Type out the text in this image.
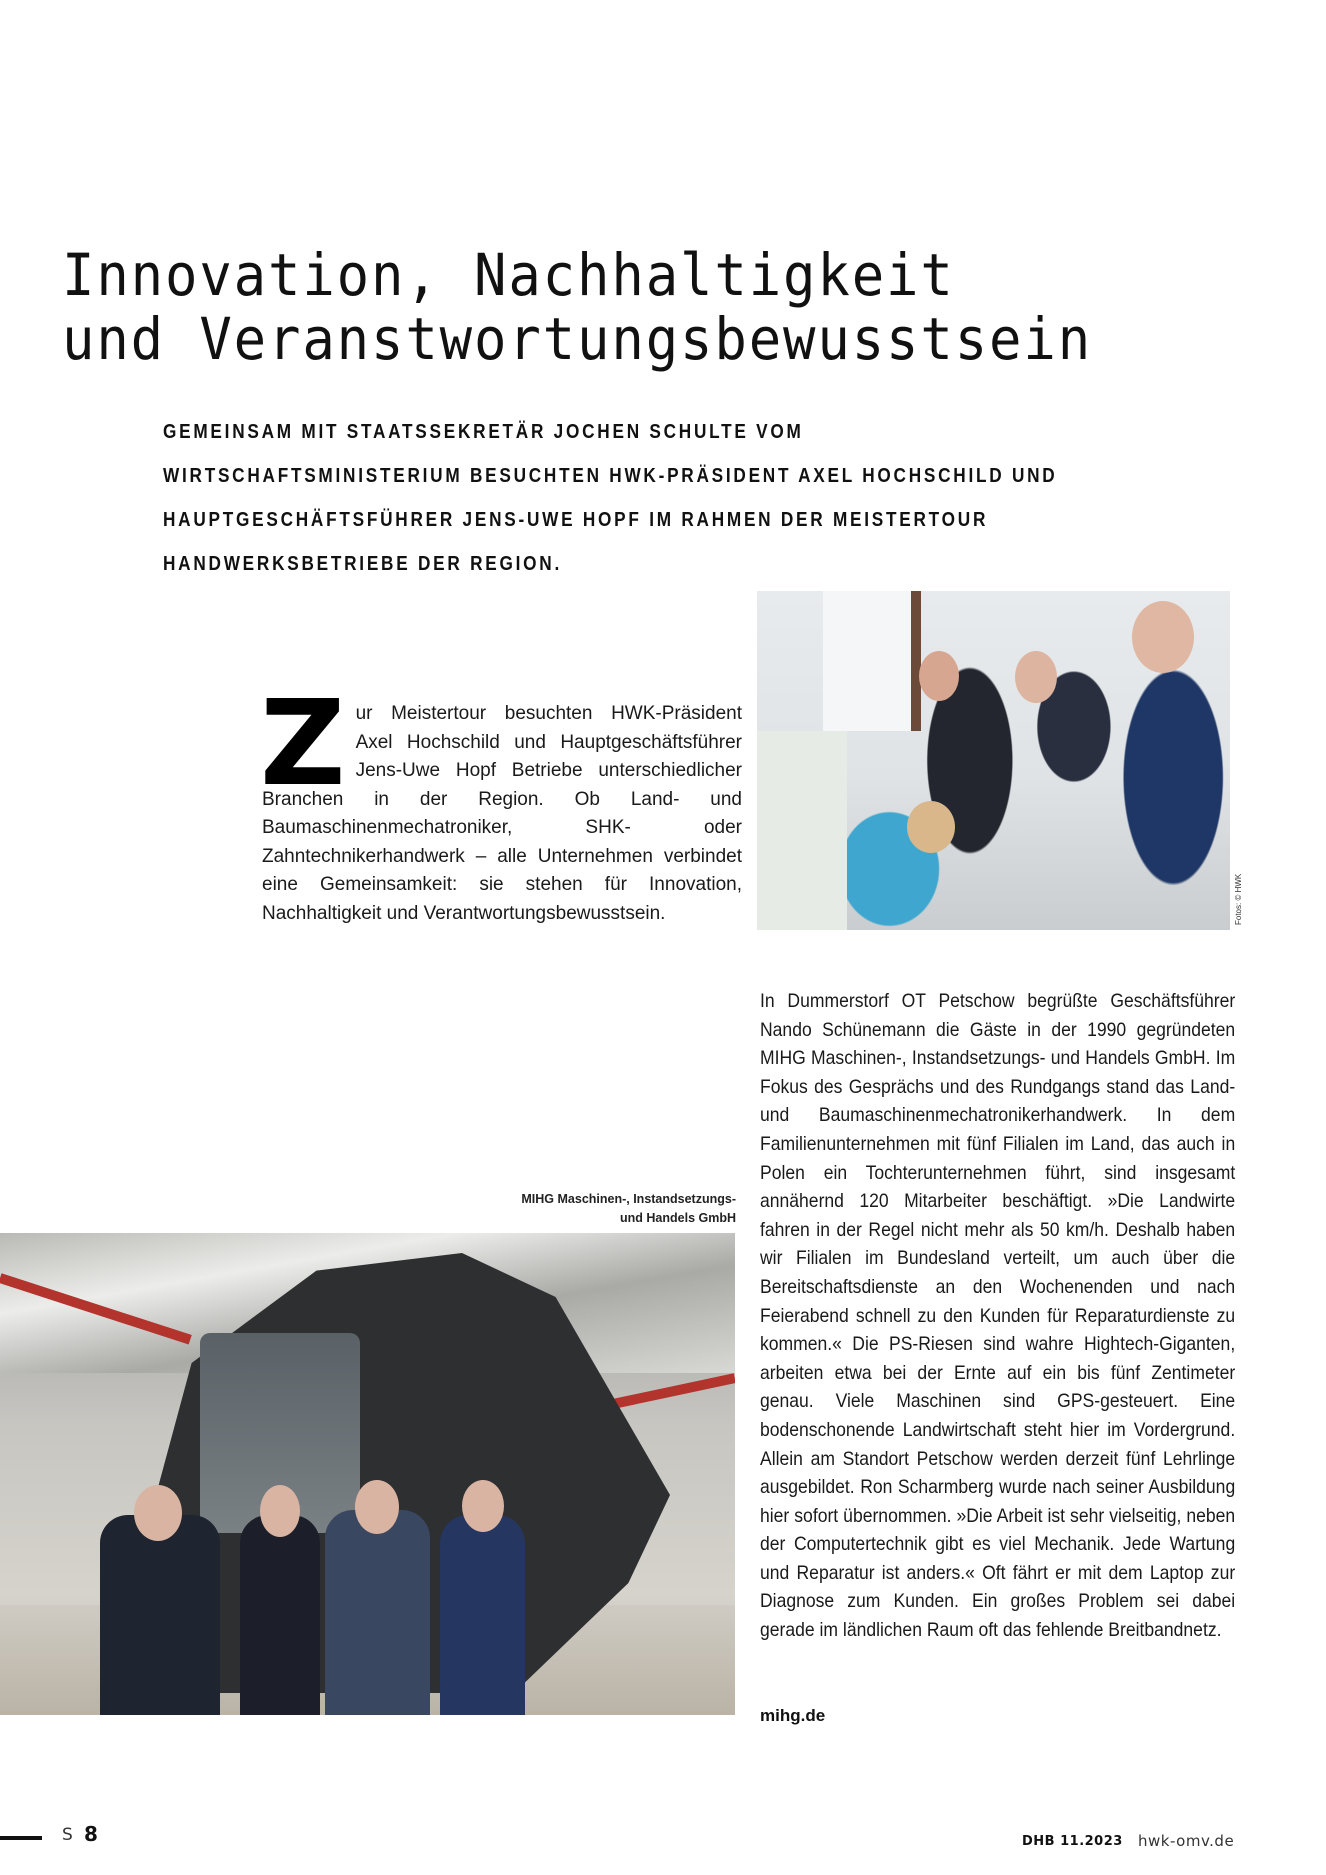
Innovation, Nachhaltigkeit
und Veranstwortungsbewusstsein

GEMEINSAM MIT STAATSSEKRETÄR JOCHEN SCHULTE VOM WIRTSCHAFTSMINISTERIUM BESUCHTEN HWK-PRÄSIDENT AXEL HOCHSCHILD UND HAUPTGESCHÄFTSFÜHRER JENS-UWE HOPF IM RAHMEN DER MEISTERTOUR HANDWERKSBETRIEBE DER REGION.

Zur Meistertour besuchten HWK-Präsident Axel Hochschild und Hauptgeschäftsführer Jens-Uwe Hopf Betriebe unterschiedlicher Branchen in der Region. Ob Land- und Baumaschinenmechatroniker, SHK- oder Zahntechnikerhandwerk – alle Unternehmen verbindet eine Gemeinsamkeit: sie stehen für Innovation, Nachhaltigkeit und Verantwortungsbewusstsein.	Fotos: © HWK

MIHG Maschinen-, Instandsetzungs-
und Handels GmbH

In Dummerstorf OT Petschow begrüßte Geschäftsführer Nando Schünemann die Gäste in der 1990 gegründeten MIHG Maschinen-, Instandsetzungs- und Handels GmbH. Im Fokus des Gesprächs und des Rundgangs stand das Land- und Baumaschinenmechatronikerhandwerk. In dem Familienunternehmen mit fünf Filialen im Land, das auch in Polen ein Tochterunternehmen führt, sind insgesamt annähernd 120 Mitarbeiter beschäftigt. »Die Landwirte fahren in der Regel nicht mehr als 50 km/h. Deshalb haben wir Filialen im Bundesland verteilt, um auch über die Bereitschaftsdienste an den Wochenenden und nach Feierabend schnell zu den Kunden für Reparaturdienste zu kommen.« Die PS-Riesen sind wahre Hightech-Giganten, arbeiten etwa bei der Ernte auf ein bis fünf Zentimeter genau. Viele Maschinen sind GPS-gesteuert. Eine bodenschonende Landwirtschaft steht hier im Vordergrund. Allein am Standort Petschow werden derzeit fünf Lehrlinge ausgebildet. Ron Scharmberg wurde nach seiner Ausbildung hier sofort übernommen. »Die Arbeit ist sehr vielseitig, neben der Computertechnik gibt es viel Mechanik. Jede Wartung und Reparatur ist anders.« Oft fährt er mit dem Laptop zur Diagnose zum Kunden. Ein großes Problem sei dabei gerade im ländlichen Raum oft das fehlende Breitbandnetz.

mihg.de
S 8	DHB 11.2023 hwk-omv.de
